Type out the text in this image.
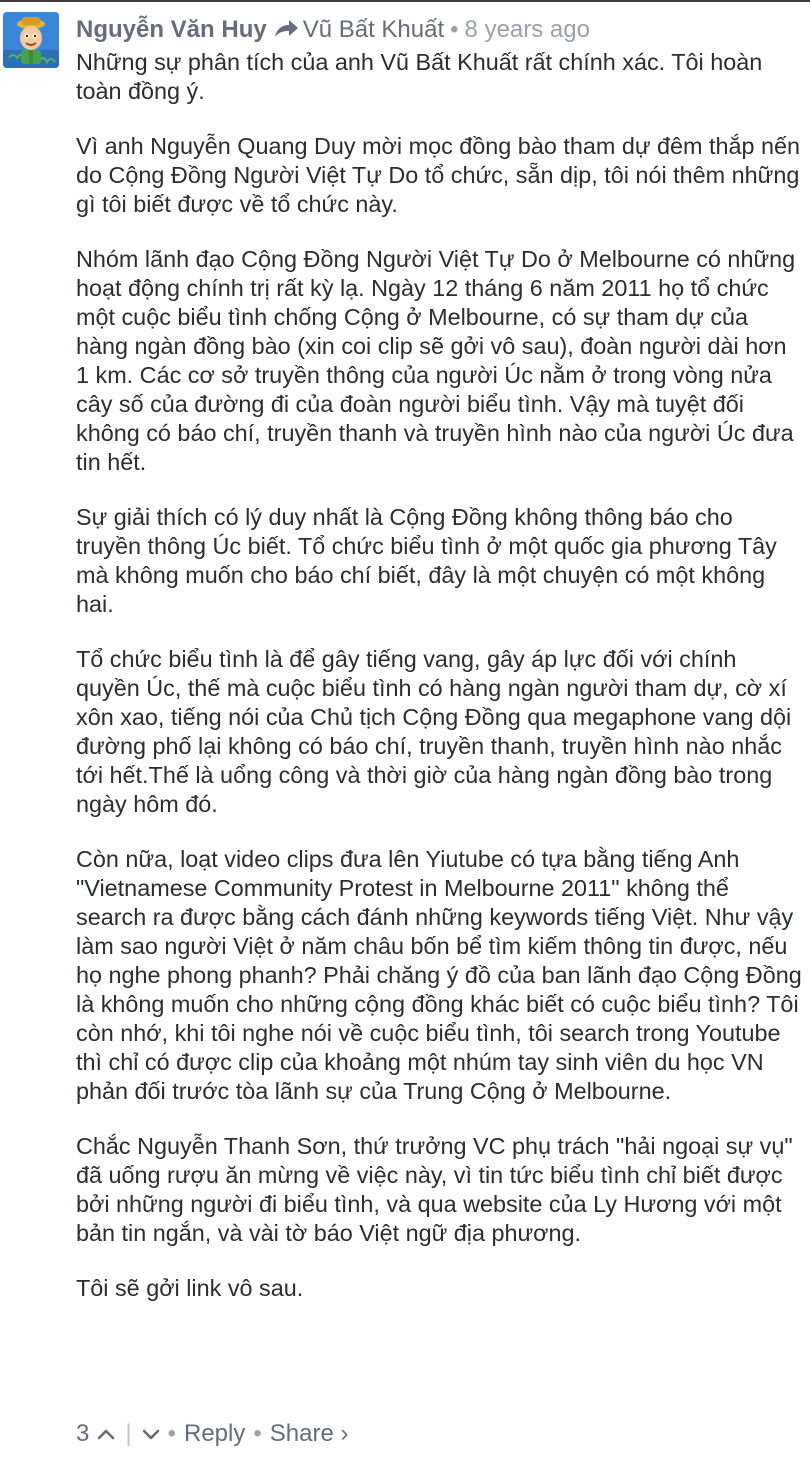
Nguyễn Văn Huy Vũ Bất Khuất • 8 years ago

Những sự phân tích của anh Vũ Bất Khuất rất chính xác. Tôi hoàn toàn đồng ý.

Vì anh Nguyễn Quang Duy mời mọc đồng bào tham dự đêm thắp nến do Cộng Đồng Người Việt Tự Do tổ chức, sẵn dịp, tôi nói thêm những gì tôi biết được về tổ chức này.

Nhóm lãnh đạo Cộng Đồng Người Việt Tự Do ở Melbourne có những hoạt động chính trị rất kỳ lạ. Ngày 12 tháng 6 năm 2011 họ tổ chức một cuộc biểu tình chống Cộng ở Melbourne, có sự tham dự của hàng ngàn đồng bào (xin coi clip sẽ gởi vô sau), đoàn người dài hơn 1 km. Các cơ sở truyền thông của người Úc nằm ở trong vòng nửa cây số của đường đi của đoàn người biểu tình. Vậy mà tuyệt đối không có báo chí, truyền thanh và truyền hình nào của người Úc đưa tin hết.

Sự giải thích có lý duy nhất là Cộng Đồng không thông báo cho truyền thông Úc biết. Tổ chức biểu tình ở một quốc gia phương Tây mà không muốn cho báo chí biết, đây là một chuyện có một không hai.

Tổ chức biểu tình là để gây tiếng vang, gây áp lực đối với chính quyền Úc, thế mà cuộc biểu tình có hàng ngàn người tham dự, cờ xí xôn xao, tiếng nói của Chủ tịch Cộng Đồng qua megaphone vang dội đường phố lại không có báo chí, truyền thanh, truyền hình nào nhắc tới hết.Thế là uổng công và thời giờ của hàng ngàn đồng bào trong ngày hôm đó.

Còn nữa, loạt video clips đưa lên Yiutube có tựa bằng tiếng Anh "Vietnamese Community Protest in Melbourne 2011" không thể search ra được bằng cách đánh những keywords tiếng Việt. Như vậy làm sao người Việt ở năm châu bốn bể tìm kiếm thông tin được, nếu họ nghe phong phanh? Phải chăng ý đồ của ban lãnh đạo Cộng Đồng là không muốn cho những cộng đồng khác biết có cuộc biểu tình? Tôi còn nhớ, khi tôi nghe nói về cuộc biểu tình, tôi search trong Youtube thì chỉ có được clip của khoảng một nhúm tay sinh viên du học VN phản đối trước tòa lãnh sự của Trung Cộng ở Melbourne.

Chắc Nguyễn Thanh Sơn, thứ trưởng VC phụ trách "hải ngoại sự vụ" đã uống rượu ăn mừng về việc này, vì tin tức biểu tình chỉ biết được bởi những người đi biểu tình, và qua website của Ly Hương với một bản tin ngắn, và vài tờ báo Việt ngữ địa phương.

Tôi sẽ gởi link vô sau.

3 | • Reply • Share ›
